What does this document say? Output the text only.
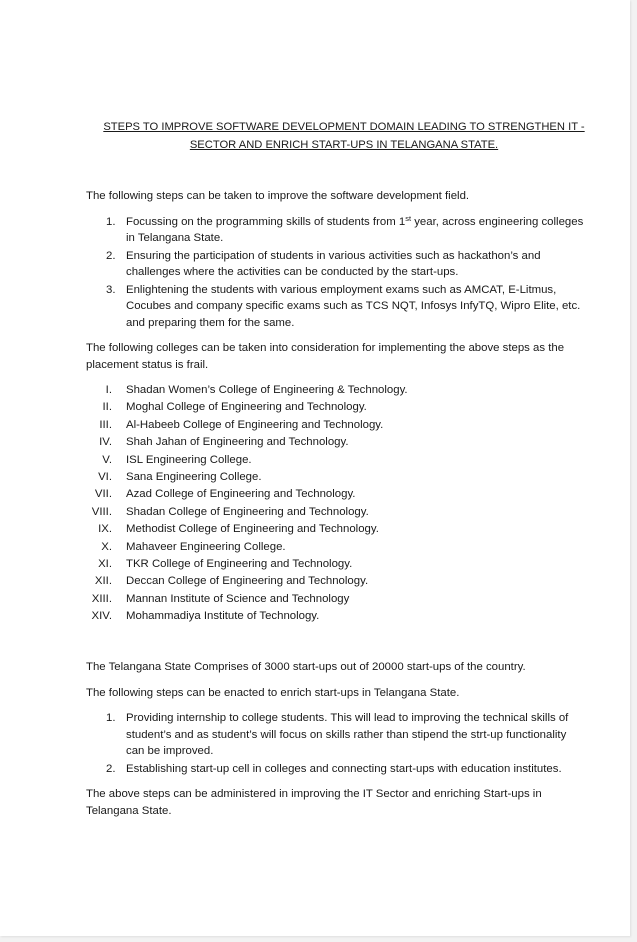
STEPS TO IMPROVE SOFTWARE DEVELOPMENT DOMAIN LEADING TO STRENGTHEN IT -
SECTOR AND ENRICH START-UPS IN TELANGANA STATE.

The following steps can be taken to improve the software development field.

1. Focussing on the programming skills of students from 1st year, across engineering colleges in Telangana State.
2. Ensuring the participation of students in various activities such as hackathon’s and challenges where the activities can be conducted by the start-ups.
3. Enlightening the students with various employment exams such as AMCAT, E-Litmus, Cocubes and company specific exams such as TCS NQT, Infosys InfyTQ, Wipro Elite, etc. and preparing them for the same.

The following colleges can be taken into consideration for implementing the above steps as the placement status is frail.

I. Shadan Women’s College of Engineering & Technology.
II. Moghal College of Engineering and Technology.
III. Al-Habeeb College of Engineering and Technology.
IV. Shah Jahan of Engineering and Technology.
V. ISL Engineering College.
VI. Sana Engineering College.
VII. Azad College of Engineering and Technology.
VIII. Shadan College of Engineering and Technology.
IX. Methodist College of Engineering and Technology.
X. Mahaveer Engineering College.
XI. TKR College of Engineering and Technology.
XII. Deccan College of Engineering and Technology.
XIII. Mannan Institute of Science and Technology
XIV. Mohammadiya Institute of Technology.

The Telangana State Comprises of 3000 start-ups out of 20000 start-ups of the country.

The following steps can be enacted to enrich start-ups in Telangana State.

1. Providing internship to college students. This will lead to improving the technical skills of student’s and as student’s will focus on skills rather than stipend the strt-up functionality can be improved.
2. Establishing start-up cell in colleges and connecting start-ups with education institutes.

The above steps can be administered in improving the IT Sector and enriching Start-ups in Telangana State.
